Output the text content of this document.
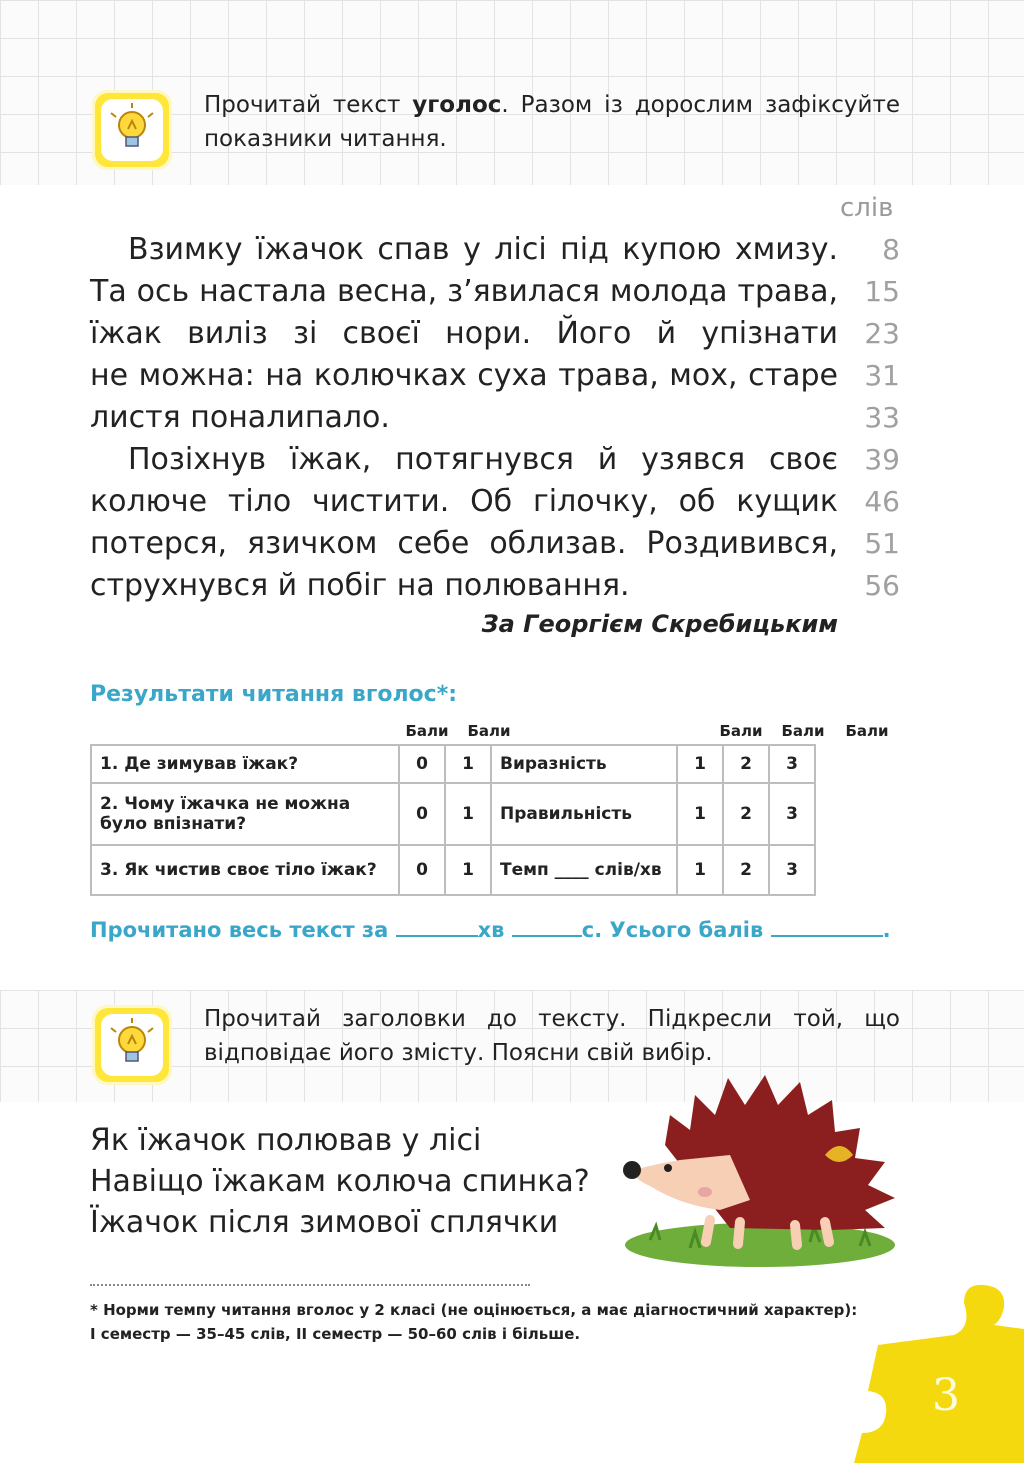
Прочитай текст уголос. Разом із дорослим зафіксуйте показники читання.
слів
Взимку їжачок спав у лісі під купою хмизу.	8
Та ось настала весна, з’явилася молода трава, 15
їжак виліз зі своєї нори. Його й упізнати 23
не можна: на колючках суха трава, мох, старе 31
листя поналипало.	33
Позіхнув їжак, потягнувся й узявся своє 39
колюче тіло чистити. Об гілочку, об кущик 46
потерся, язичком себе облизав. Роздивився, 51
струхнувся й побіг на полювання.	56
За Георгієм Скребицьким
Результати читання вголос*:
Бали	Бали	Бали	Бали	Бали
1. Де зимував їжак?	0	1	Виразність	1	2	3
2. Чому їжачка не можна було впізнати?	0	1	Правильність	1	2	3
3. Як чистив своє тіло їжак?	0	1	Темп ____ слів/хв	1	2	3
Прочитано весь текст за	хв	с. Усього балів	.
Прочитай заголовки до тексту. Підкресли той, що відповідає його змісту. Поясни свій вибір.
Як їжачок полював у лісі
Навіщо їжакам колюча спинка?
Їжачок після зимової сплячки
* Норми темпу читання вголос у 2 класі (не оцінюється, а має діагностичний характер):
І семестр — 35–45 слів, ІІ семестр — 50–60 слів і більше.
3
